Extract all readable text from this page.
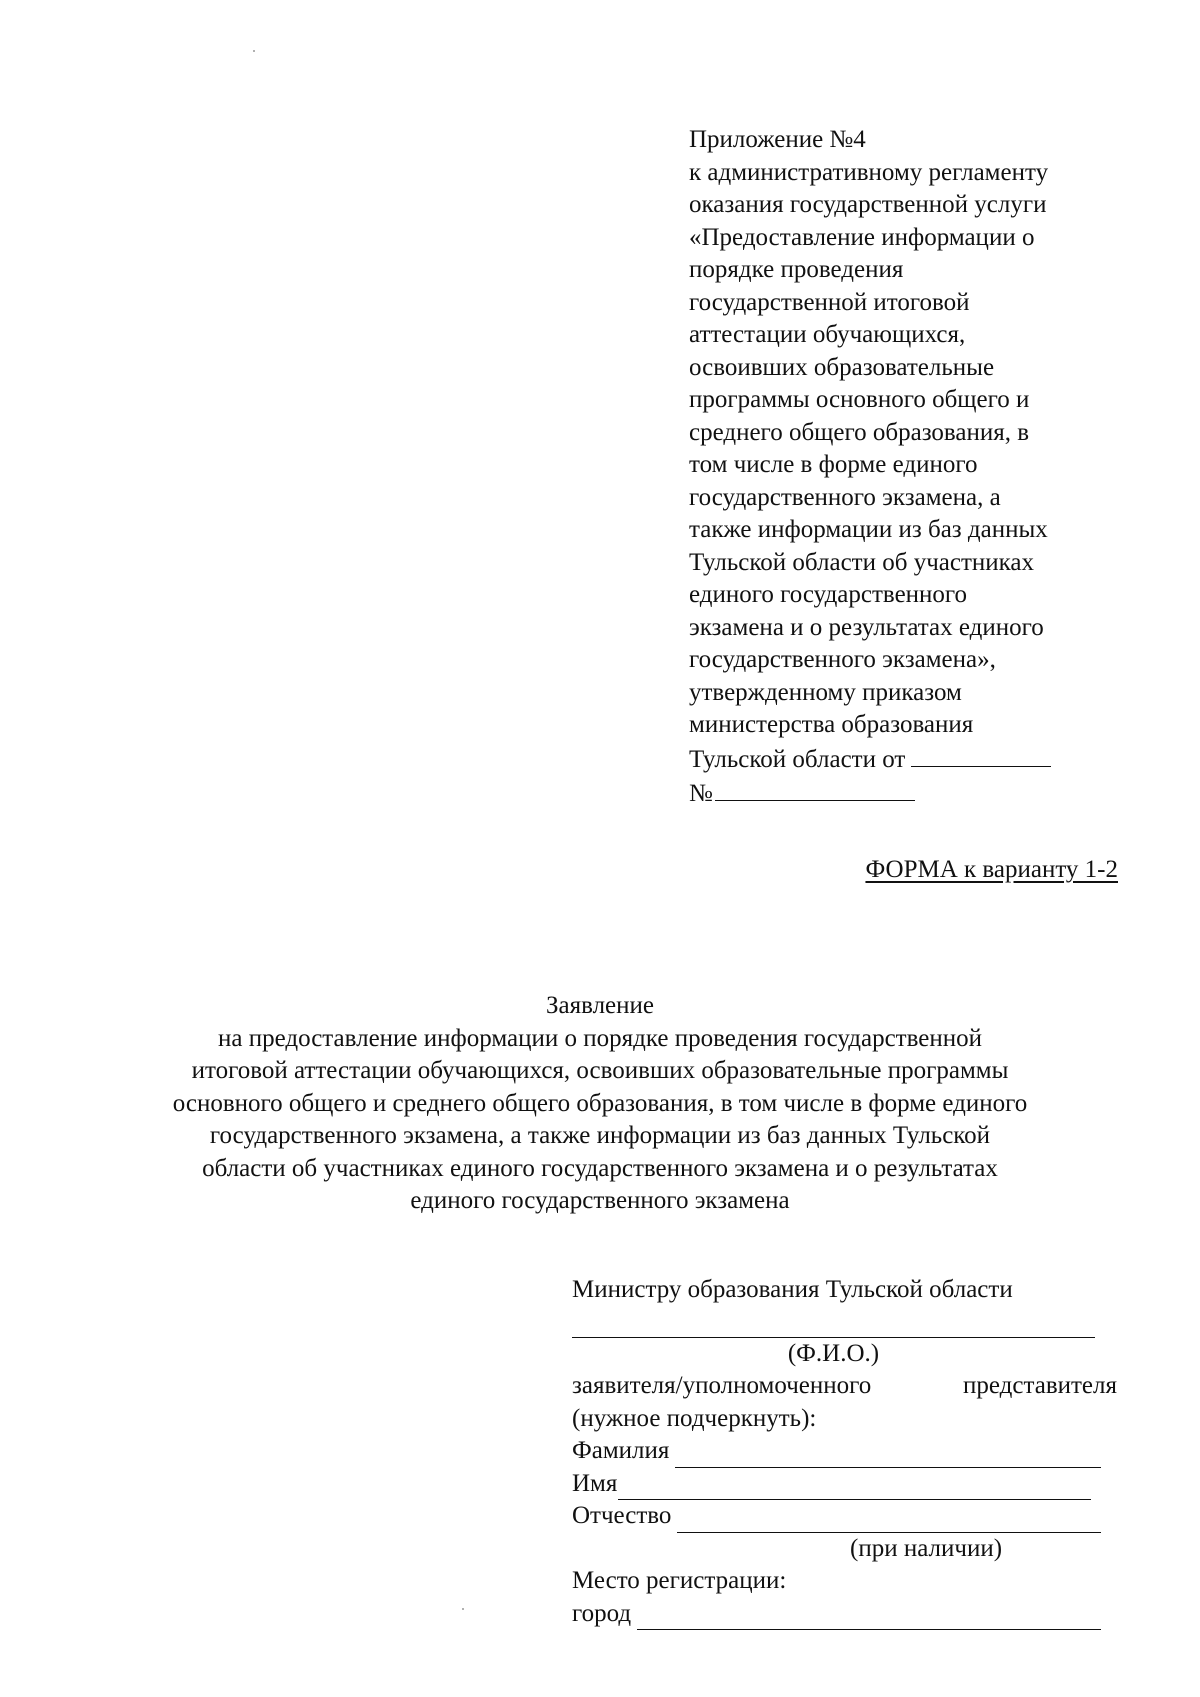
Приложение №4
к административному регламенту
оказания государственной услуги
«Предоставление информации о
порядке проведения
государственной итоговой
аттестации обучающихся,
освоивших образовательные
программы основного общего и
среднего общего образования, в
том числе в форме единого
государственного экзамена, а
также информации из баз данных
Тульской области об участниках
единого государственного
экзамена и о результатах единого
государственного экзамена»,
утвержденному приказом
министерства образования
Тульской области от
№
ФОРМА к варианту 1-2
Заявление
на предоставление информации о порядке проведения государственной
итоговой аттестации обучающихся, освоивших образовательные программы
основного общего и среднего общего образования, в том числе в форме единого
государственного экзамена, а также информации из баз данных Тульской
области об участниках единого государственного экзамена и о результатах
единого государственного экзамена
Министру образования Тульской области
(Ф.И.О.)
заявителя/уполномоченного	представителя
(нужное подчеркнуть):
Фамилия
Имя
Отчество
(при наличии)
Место регистрации:
город
